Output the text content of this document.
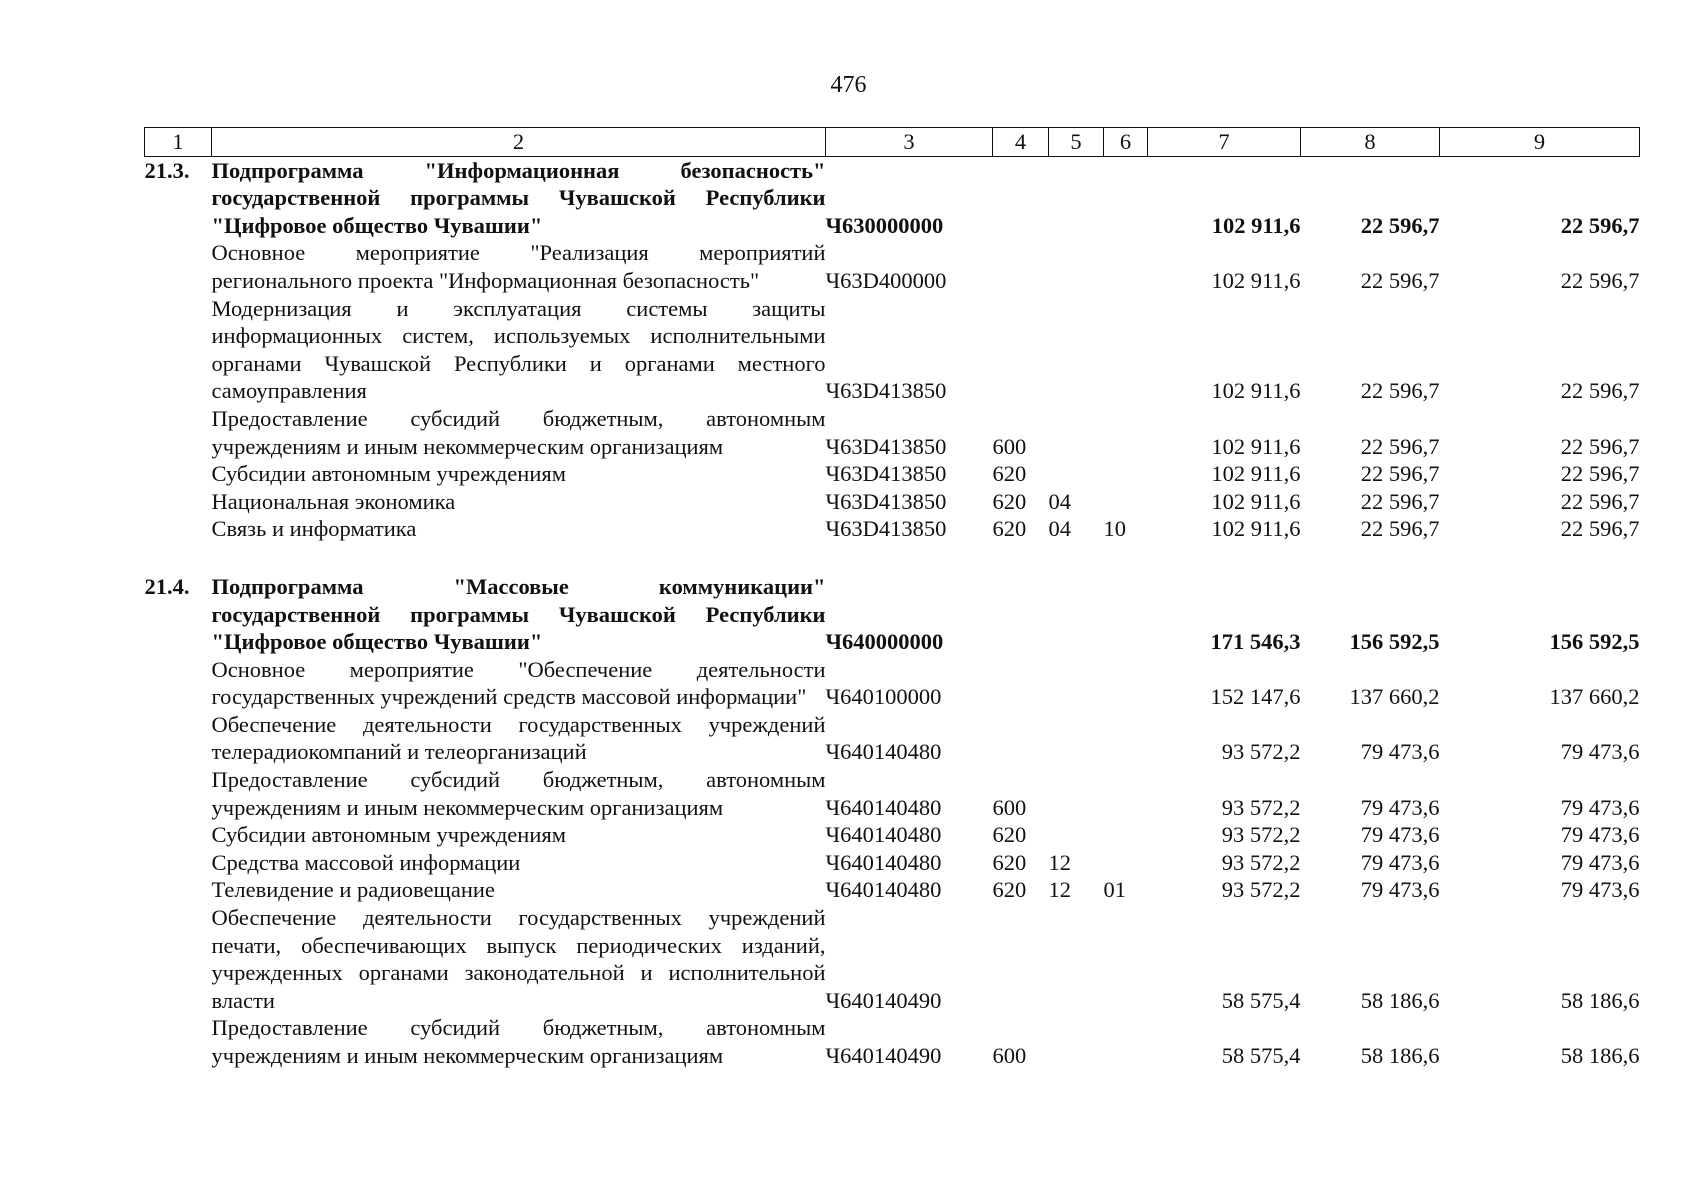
476
1	2	3	4	5	6	7	8	9
21.3.	Подпрограмма "Информационная безопасность" государственной программы Чувашской Республики "Цифровое общество Чувашии"	Ч630000000				102 911,6	22 596,7	22 596,7
	Основное мероприятие "Реализация мероприятий регионального проекта "Информационная безопасность"	Ч63D400000				102 911,6	22 596,7	22 596,7
	Модернизация и эксплуатация системы защиты информационных систем, используемых исполнительными органами Чувашской Республики и органами местного самоуправления	Ч63D413850				102 911,6	22 596,7	22 596,7
	Предоставление субсидий бюджетным, автономным учреждениям и иным некоммерческим организациям	Ч63D413850	600			102 911,6	22 596,7	22 596,7
	Субсидии автономным учреждениям	Ч63D413850	620			102 911,6	22 596,7	22 596,7
	Национальная экономика	Ч63D413850	620	04		102 911,6	22 596,7	22 596,7
	Связь и информатика	Ч63D413850	620	04	10	102 911,6	22 596,7	22 596,7

21.4.	Подпрограмма "Массовые коммуникации" государственной программы Чувашской Республики "Цифровое общество Чувашии"	Ч640000000				171 546,3	156 592,5	156 592,5
	Основное мероприятие "Обеспечение деятельности государственных учреждений средств массовой информации"	Ч640100000				152 147,6	137 660,2	137 660,2
	Обеспечение деятельности государственных учреждений телерадиокомпаний и телеорганизаций	Ч640140480				93 572,2	79 473,6	79 473,6
	Предоставление субсидий бюджетным, автономным учреждениям и иным некоммерческим организациям	Ч640140480	600			93 572,2	79 473,6	79 473,6
	Субсидии автономным учреждениям	Ч640140480	620			93 572,2	79 473,6	79 473,6
	Средства массовой информации	Ч640140480	620	12		93 572,2	79 473,6	79 473,6
	Телевидение и радиовещание	Ч640140480	620	12	01	93 572,2	79 473,6	79 473,6
	Обеспечение деятельности государственных учреждений печати, обеспечивающих выпуск периодических изданий, учрежденных органами законодательной и исполнительной власти	Ч640140490				58 575,4	58 186,6	58 186,6
	Предоставление субсидий бюджетным, автономным учреждениям и иным некоммерческим организациям	Ч640140490	600			58 575,4	58 186,6	58 186,6
